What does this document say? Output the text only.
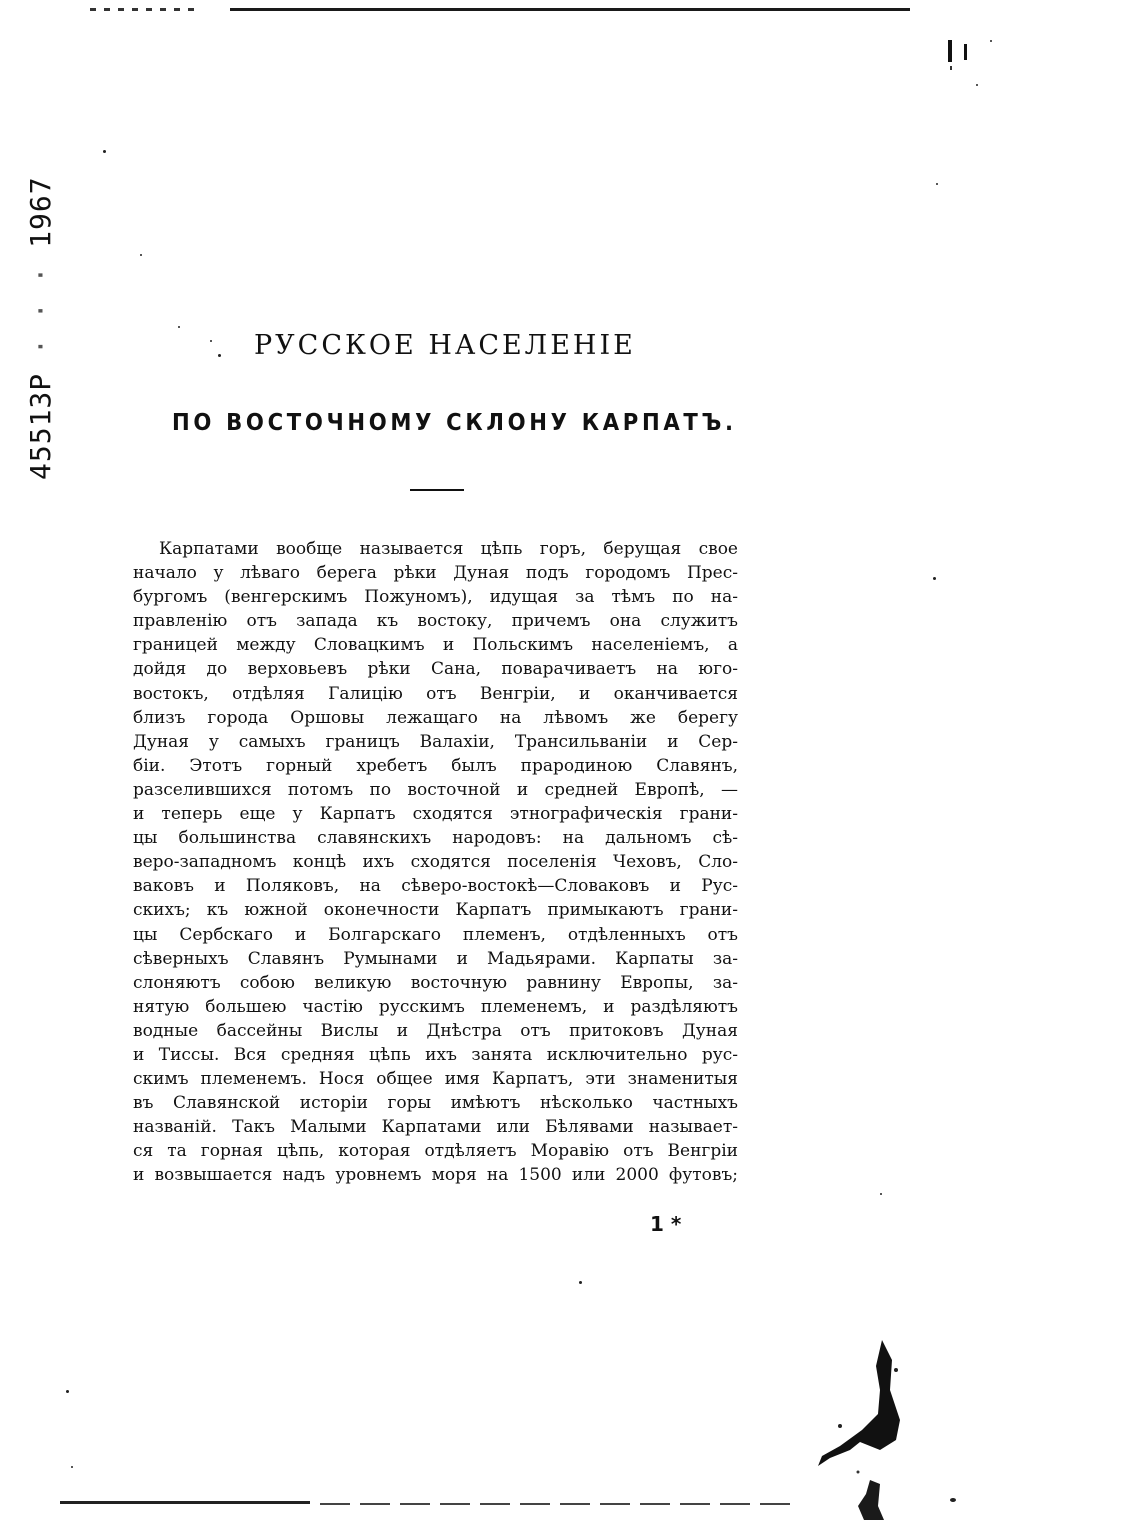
45513P · · · 1967
РУССКОЕ НАСЕЛЕНІЕ
ПО ВОСТОЧНОМУ СКЛОНУ КАРПАТЪ.
Карпатами вообще называется цѣпь горъ, берущая свое
начало у лѣваго берега рѣки Дуная подъ городомъ Прес-
бургомъ (венгерскимъ Пожуномъ), идущая за тѣмъ по на-
правленію отъ запада къ востоку, причемъ она служитъ
границей между Словацкимъ и Польскимъ населеніемъ, а
дойдя до верховьевъ рѣки Сана, поварачиваетъ на юго-
востокъ, отдѣляя Галицію отъ Венгріи, и оканчивается
близъ города Оршовы лежащаго на лѣвомъ же берегу
Дуная у самыхъ границъ Валахіи, Трансильваніи и Сер-
біи. Этотъ горный хребетъ былъ прародиною Славянъ,
разселившихся потомъ по восточной и средней Европѣ, —
и теперь еще у Карпатъ сходятся этнографическія грани-
цы большинства славянскихъ народовъ: на дальномъ сѣ-
веро-западномъ концѣ ихъ сходятся поселенія Чеховъ, Сло-
ваковъ и Поляковъ, на сѣверо-востокѣ—Словаковъ и Рус-
скихъ; къ южной оконечности Карпатъ примыкаютъ грани-
цы Сербскаго и Болгарскаго племенъ, отдѣленныхъ отъ
сѣверныхъ Славянъ Румынами и Мадьярами. Карпаты за-
слоняютъ собою великую восточную равнину Европы, за-
нятую большею частію русскимъ племенемъ, и раздѣляютъ
водные бассейны Вислы и Днѣстра отъ притоковъ Дуная
и Тиссы. Вся средняя цѣпь ихъ занята исключительно рус-
скимъ племенемъ. Нося общее имя Карпатъ, эти знаменитыя
въ Славянской исторіи горы имѣютъ нѣсколько частныхъ
названій. Такъ Малыми Карпатами или Бѣлявами называет-
ся та горная цѣпь, которая отдѣляетъ Моравію отъ Венгріи
и возвышается надъ уровнемъ моря на 1500 или 2000 футовъ;
1 *
